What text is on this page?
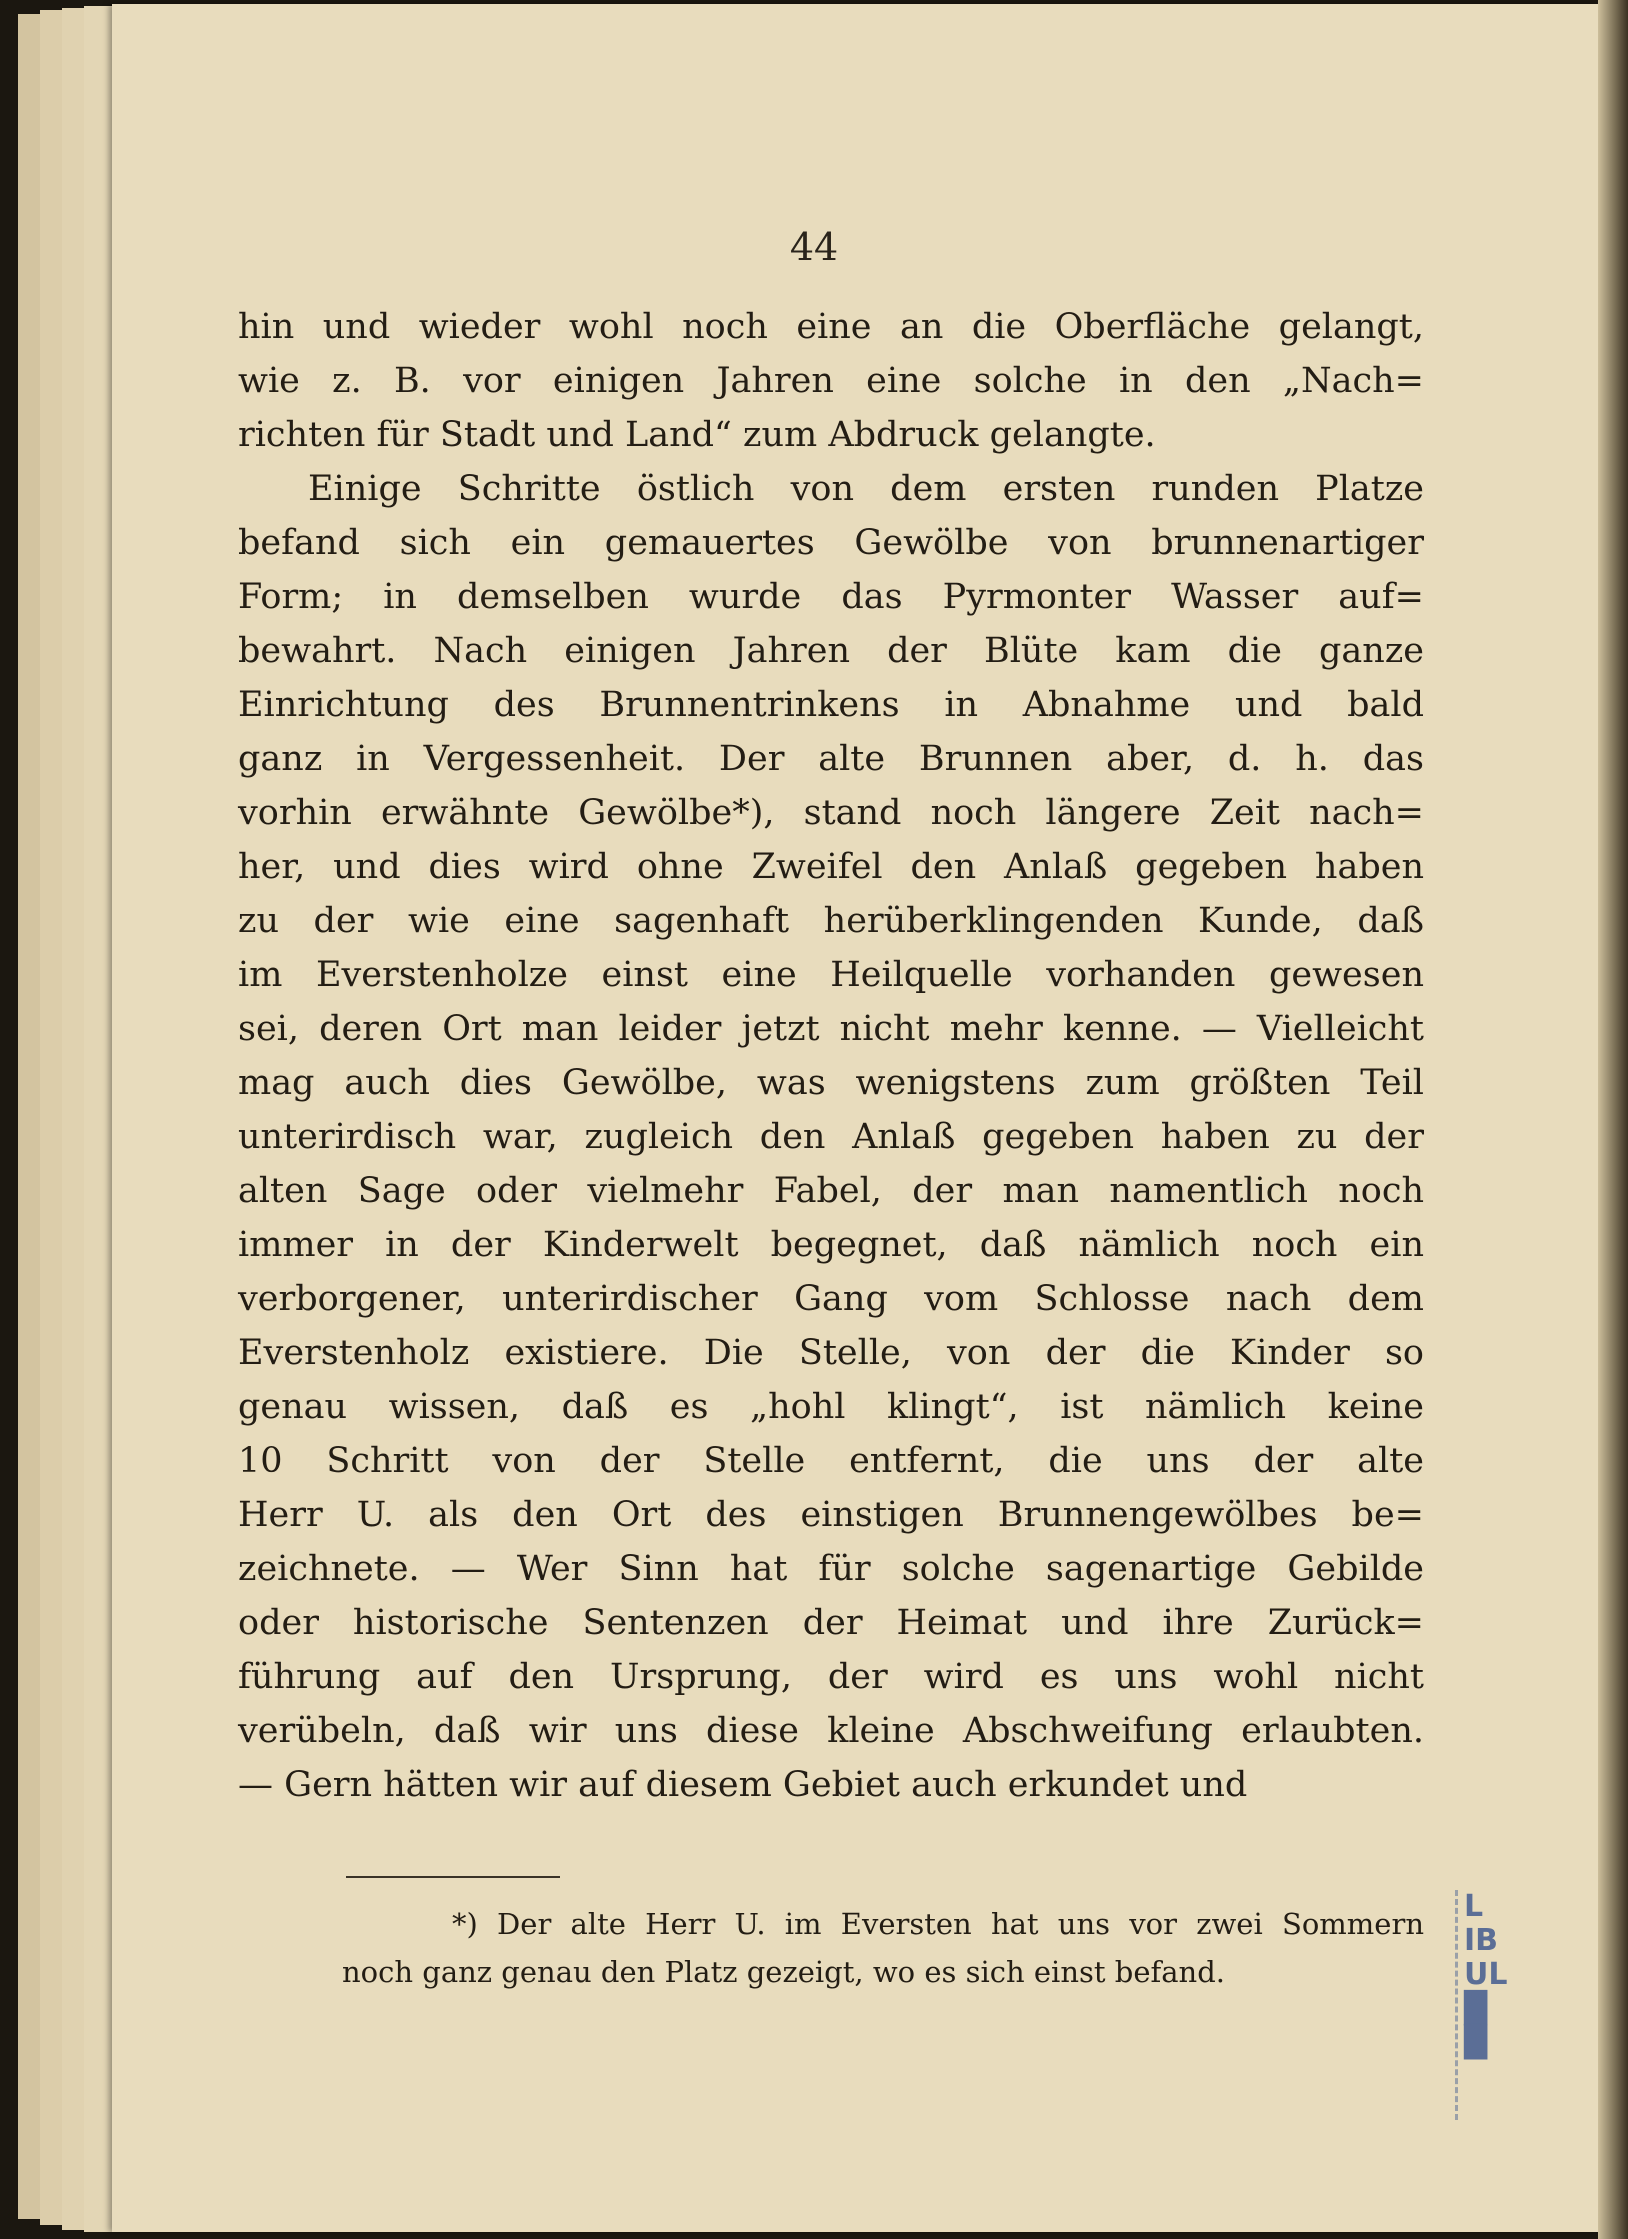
L
IB
UL
█
█
44
hin und wieder wohl noch eine an die Oberfläche gelangt,
wie z. B. vor einigen Jahren eine solche in den „Nach=
richten für Stadt und Land“ zum Abdruck gelangte.
Einige Schritte östlich von dem ersten runden Platze
befand sich ein gemauertes Gewölbe von brunnenartiger
Form; in demselben wurde das Pyrmonter Wasser auf=
bewahrt. Nach einigen Jahren der Blüte kam die ganze
Einrichtung des Brunnentrinkens in Abnahme und bald
ganz in Vergessenheit. Der alte Brunnen aber, d. h. das
vorhin erwähnte Gewölbe*), stand noch längere Zeit nach=
her, und dies wird ohne Zweifel den Anlaß gegeben haben
zu der wie eine sagenhaft herüberklingenden Kunde, daß
im Everstenholze einst eine Heilquelle vorhanden gewesen
sei, deren Ort man leider jetzt nicht mehr kenne. — Vielleicht
mag auch dies Gewölbe, was wenigstens zum größten Teil
unterirdisch war, zugleich den Anlaß gegeben haben zu der
alten Sage oder vielmehr Fabel, der man namentlich noch
immer in der Kinderwelt begegnet, daß nämlich noch ein
verborgener, unterirdischer Gang vom Schlosse nach dem
Everstenholz existiere. Die Stelle, von der die Kinder so
genau wissen, daß es „hohl klingt“, ist nämlich keine
10 Schritt von der Stelle entfernt, die uns der alte
Herr U. als den Ort des einstigen Brunnengewölbes be=
zeichnete. — Wer Sinn hat für solche sagenartige Gebilde
oder historische Sentenzen der Heimat und ihre Zurück=
führung auf den Ursprung, der wird es uns wohl nicht
verübeln, daß wir uns diese kleine Abschweifung erlaubten.
— Gern hätten wir auf diesem Gebiet auch erkundet und
*) Der alte Herr U. im Eversten hat uns vor zwei Sommern
noch ganz genau den Platz gezeigt, wo es sich einst befand.
